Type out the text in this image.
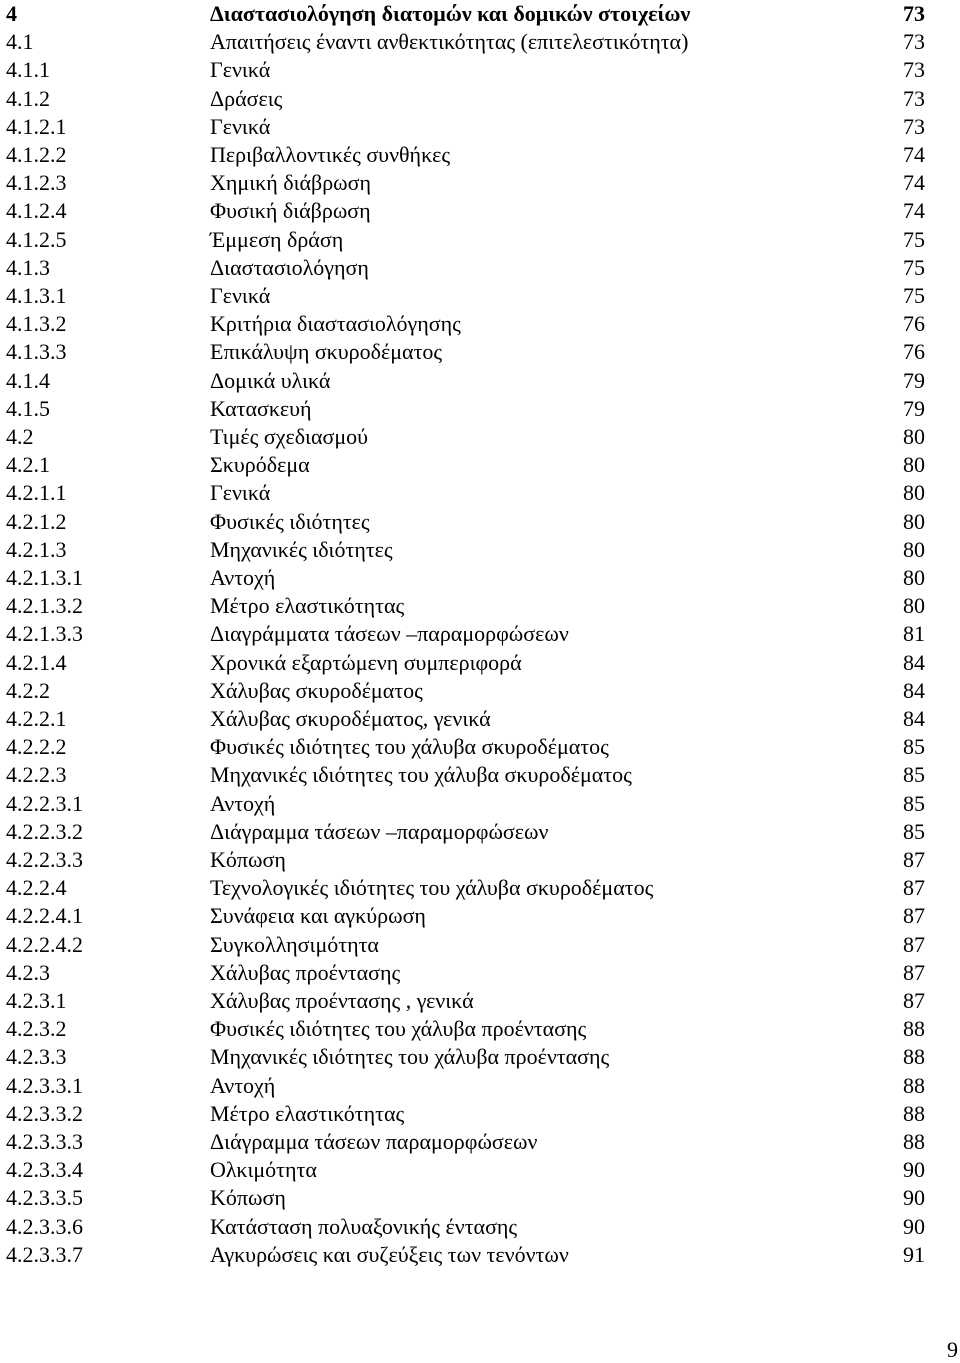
4	Διαστασιολόγηση διατομών και δομικών στοιχείων	73
4.1	Απαιτήσεις έναντι ανθεκτικότητας (επιτελεστικότητα)	73
4.1.1	Γενικά	73
4.1.2	Δράσεις	73
4.1.2.1	Γενικά	73
4.1.2.2	Περιβαλλοντικές συνθήκες	74
4.1.2.3	Χημική διάβρωση	74
4.1.2.4	Φυσική διάβρωση	74
4.1.2.5	Έμμεση δράση	75
4.1.3	Διαστασιολόγηση	75
4.1.3.1	Γενικά	75
4.1.3.2	Κριτήρια διαστασιολόγησης	76
4.1.3.3	Επικάλυψη σκυροδέματος	76
4.1.4	Δομικά υλικά	79
4.1.5	Κατασκευή	79
4.2	Τιμές σχεδιασμού	80
4.2.1	Σκυρόδεμα	80
4.2.1.1	Γενικά	80
4.2.1.2	Φυσικές ιδιότητες	80
4.2.1.3	Μηχανικές ιδιότητες	80
4.2.1.3.1	Αντοχή	80
4.2.1.3.2	Μέτρο ελαστικότητας	80
4.2.1.3.3	Διαγράμματα τάσεων –παραμορφώσεων	81
4.2.1.4	Χρονικά εξαρτώμενη συμπεριφορά	84
4.2.2	Χάλυβας σκυροδέματος	84
4.2.2.1	Χάλυβας σκυροδέματος, γενικά	84
4.2.2.2	Φυσικές ιδιότητες του χάλυβα σκυροδέματος	85
4.2.2.3	Μηχανικές ιδιότητες του χάλυβα σκυροδέματος	85
4.2.2.3.1	Αντοχή	85
4.2.2.3.2	Διάγραμμα τάσεων –παραμορφώσεων	85
4.2.2.3.3	Κόπωση	87
4.2.2.4	Τεχνολογικές ιδιότητες του χάλυβα σκυροδέματος	87
4.2.2.4.1	Συνάφεια και αγκύρωση	87
4.2.2.4.2	Συγκολλησιμότητα	87
4.2.3	Χάλυβας προέντασης	87
4.2.3.1	Χάλυβας προέντασης , γενικά	87
4.2.3.2	Φυσικές ιδιότητες του χάλυβα προέντασης	88
4.2.3.3	Μηχανικές ιδιότητες του χάλυβα προέντασης	88
4.2.3.3.1	Αντοχή	88
4.2.3.3.2	Μέτρο ελαστικότητας	88
4.2.3.3.3	Διάγραμμα τάσεων παραμορφώσεων	88
4.2.3.3.4	Ολκιμότητα	90
4.2.3.3.5	Κόπωση	90
4.2.3.3.6	Κατάσταση πολυαξονικής έντασης	90
4.2.3.3.7	Αγκυρώσεις και συζεύξεις των τενόντων	91
9
